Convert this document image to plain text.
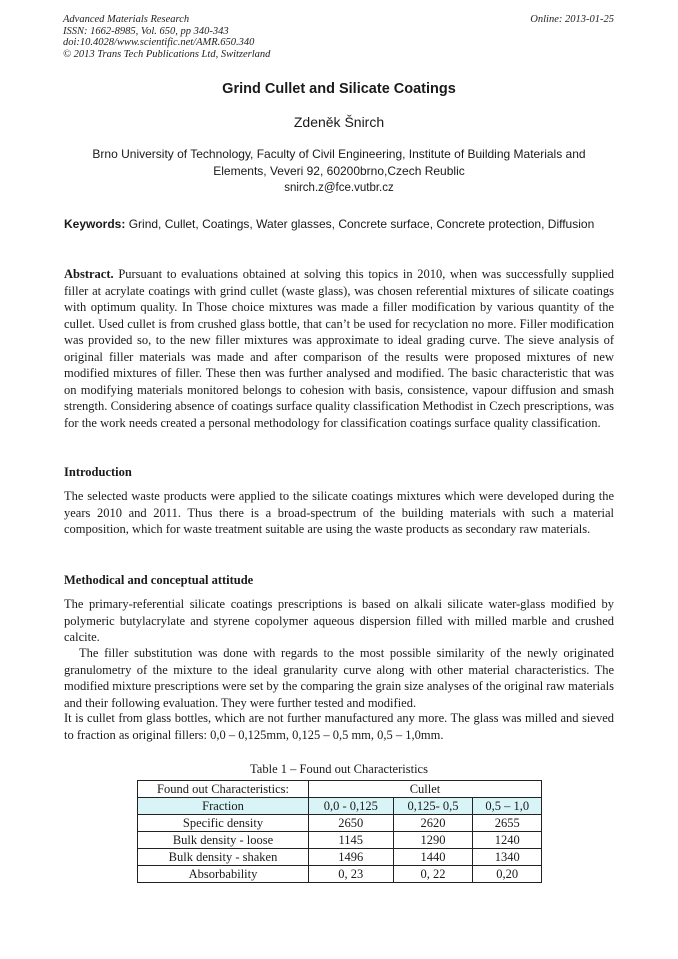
Advanced Materials Research
ISSN: 1662-8985, Vol. 650, pp 340-343
doi:10.4028/www.scientific.net/AMR.650.340
© 2013 Trans Tech Publications Ltd, Switzerland
Online: 2013-01-25
Grind Cullet and Silicate Coatings
Zdeněk Šnirch
Brno University of Technology, Faculty of Civil Engineering, Institute of Building Materials and Elements, Veveri 92, 60200brno,Czech Reublic
snirch.z@fce.vutbr.cz
Keywords: Grind, Cullet, Coatings, Water glasses, Concrete surface, Concrete protection, Diffusion

Abstract. Pursuant to evaluations obtained at solving this topics in 2010, when was successfully supplied filler at acrylate coatings with grind cullet (waste glass), was chosen referential mixtures of silicate coatings with optimum quality. In Those choice mixtures was made a filler modification by various quantity of the cullet. Used cullet is from crushed glass bottle, that can’t be used for recyclation no more. Filler modification was provided so, to the new filler mixtures was approximate to ideal grading curve. The sieve analysis of original filler materials was made and after comparison of the results were proposed mixtures of new modified mixtures of filler. These then was further analysed and modified. The basic characteristic that was on modifying materials monitored belongs to cohesion with basis, consistence, vapour diffusion and smash strength. Considering absence of coatings surface quality classification Methodist in Czech prescriptions, was for the work needs created a personal methodology for classification coatings surface quality classification.

Introduction

The selected waste products were applied to the silicate coatings mixtures which were developed during the years 2010 and 2011. Thus there is a broad-spectrum of the building materials with such a material composition, which for waste treatment suitable are using the waste products as secondary raw materials.

Methodical and conceptual attitude

The primary-referential silicate coatings prescriptions is based on alkali silicate water-glass modified by polymeric butylacrylate and styrene copolymer aqueous dispersion filled with milled marble and crushed calcite.

The filler substitution was done with regards to the most possible similarity of the newly originated granulometry of the mixture to the ideal granularity curve along with other material characteristics. The modified mixture prescriptions were set by the comparing the grain size analyses of the original raw materials and their following evaluation. They were further tested and modified.

It is cullet from glass bottles, which are not further manufactured any more. The glass was milled and sieved to fraction as original fillers: 0,0 – 0,125mm, 0,125 – 0,5 mm, 0,5 – 1,0mm.

Table 1 – Found out Characteristics
Found out Characteristics:	Cullet		
Fraction	0,0 - 0,125	0,125- 0,5	0,5 – 1,0
Specific density	2650	2620	2655
Bulk density - loose	1145	1290	1240
Bulk density - shaken	1496	1440	1340
Absorbability	0, 23	0, 22	0,20
